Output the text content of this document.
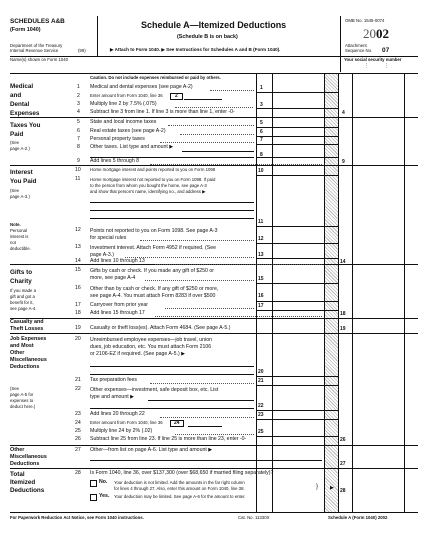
SCHEDULES A&B
(Form 1040)
Department of the Treasury
Internal Revenue Service	(99)
Schedule A—Itemized Deductions
(Schedule B is on back)
▶ Attach to Form 1040. ▶ See Instructions for Schedules A and B (Form 1040).
OMB No. 1545-0074
2002
Attachment
Sequence No. 07
Name(s) shown on Form 1040	Your social security number
⋮	⋮
Medical
and
Dental
Expenses
Caution. Do not include expenses reimbursed or paid by others.
1 Medical and dental expenses (see page A-2)	1
2 Enter amount from Form 1040, line 36	2
3 Multiply line 2 by 7.5% (.075)	3
4 Subtract line 3 from line 1. If line 3 is more than line 1, enter -0-	4
Taxes You
Paid
(See
page A-2.)
5 State and local income taxes	5
6 Real estate taxes (see page A-2)	6
7 Personal property taxes	7
8 Other taxes. List type and amount ▶
8
9 Add lines 5 through 8	9
Interest
You Paid
(See
page A-3.)
Note.
Personal
interest is
not
deductible.
10 Home mortgage interest and points reported to you on Form 1098	10
11 Home mortgage interest not reported to you on Form 1098. If paid
to the person from whom you bought the home, see page A-3
and show that person's name, identifying no., and address ▶
11
12 Points not reported to you on Form 1098. See page A-3
for special rules	12
13 Investment interest. Attach Form 4952 if required. (See
page A-3.)	13
14 Add lines 10 through 13	14
Gifts to
Charity
If you made a
gift and got a
benefit for it,
see page A-4.
15 Gifts by cash or check. If you made any gift of $250 or
more, see page A-4	15
16 Other than by cash or check. If any gift of $250 or more,
see page A-4. You must attach Form 8283 if over $500	16
17 Carryover from prior year	17
18 Add lines 15 through 17	18
Casualty and
Theft Losses	19 Casualty or theft loss(es). Attach Form 4684. (See page A-5.)	19
Job Expenses
and Most
Other
Miscellaneous
Deductions
(See
page A-5 for
expenses to
deduct here.)
20 Unreimbursed employee expenses—job travel, union
dues, job education, etc. You must attach Form 2106
or 2106-EZ if required. (See page A-5.) ▶
20
21 Tax preparation fees	21
22 Other expenses—investment, safe deposit box, etc. List
type and amount ▶
22
23 Add lines 20 through 22	23
24 Enter amount from Form 1040, line 36	24
25 Multiply line 24 by 2% (.02)	25
26 Subtract line 25 from line 23. If line 25 is more than line 23, enter -0-	26
Other
Miscellaneous
Deductions
27 Other—from list on page A-6. List type and amount ▶
27
Total
Itemized
Deductions
28 Is Form 1040, line 36, over $137,300 (over $68,650 if married filing separately)?
No. Your deduction is not limited. Add the amounts in the far right column
for lines 4 through 27. Also, enter this amount on Form 1040, line 38.	} ▶
Yes. Your deduction may be limited. See page A-6 for the amount to enter.
28
For Paperwork Reduction Act Notice, see Form 1040 instructions.	Cat. No. 11330X	Schedule A (Form 1040) 2002
